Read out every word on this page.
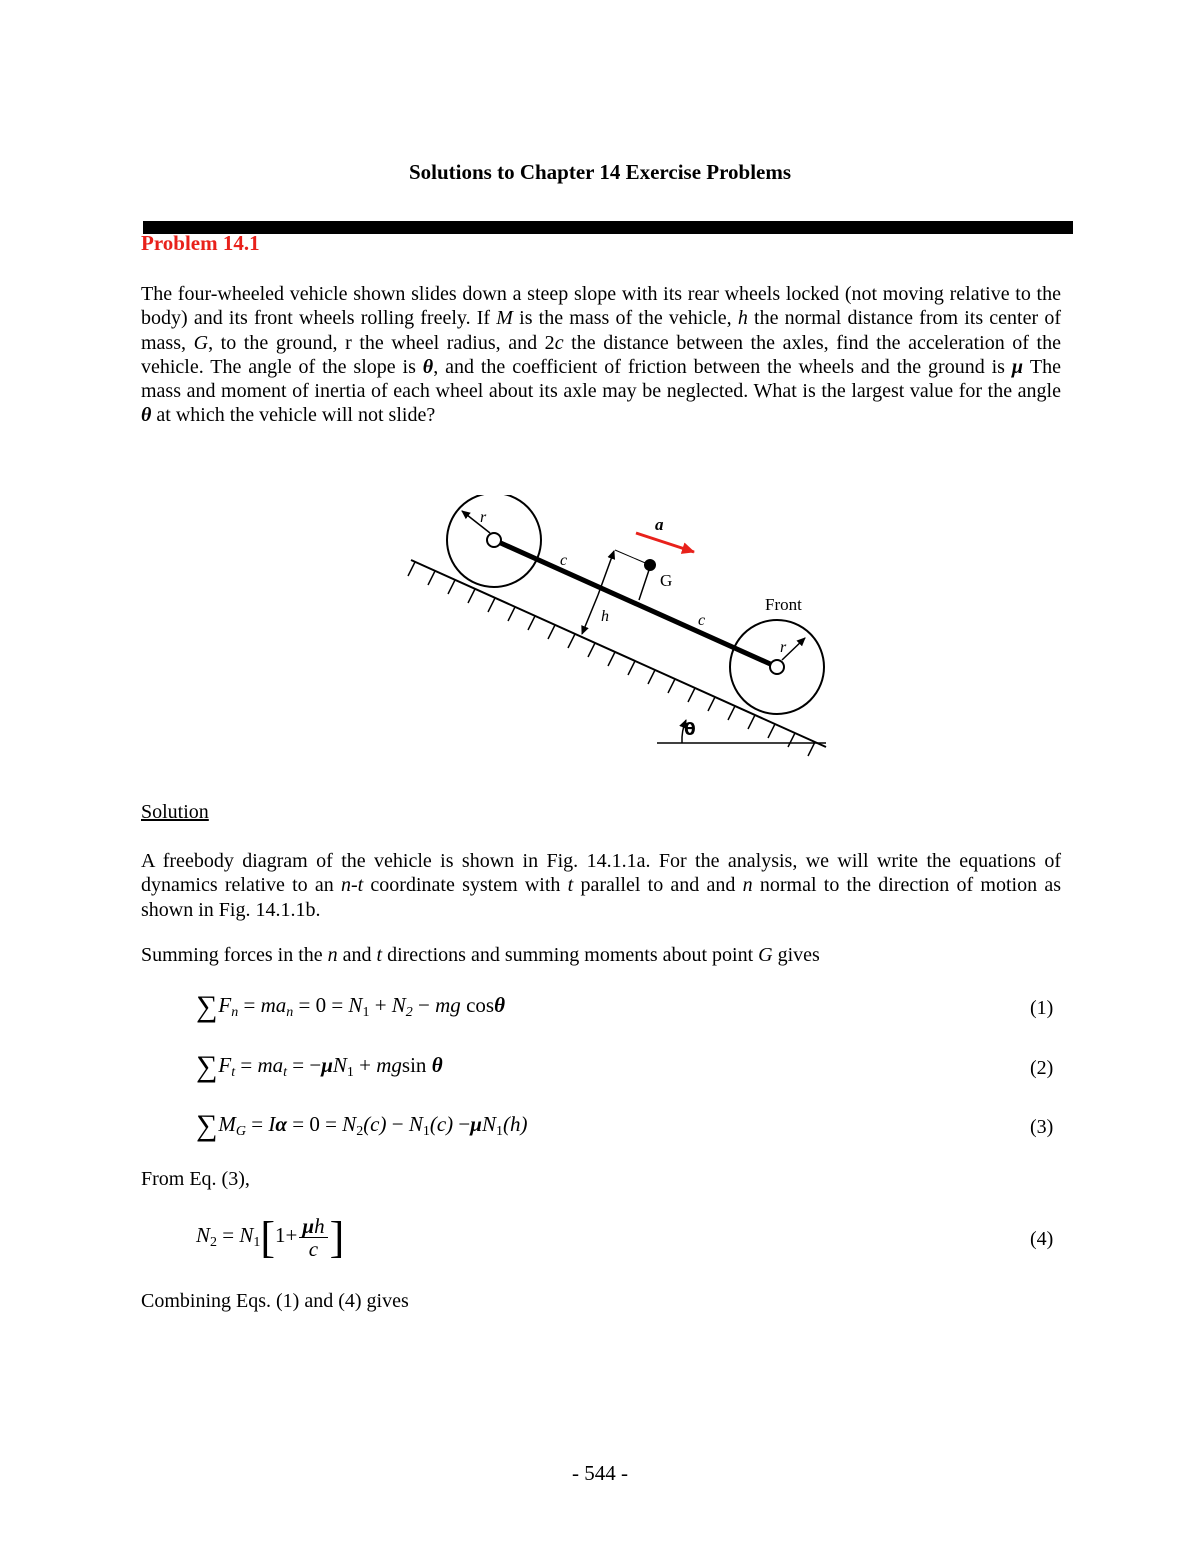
Solutions to Chapter 14 Exercise Problems
Problem 14.1
The four-wheeled vehicle shown slides down a steep slope with its rear wheels locked (not moving relative to the body) and its front wheels rolling freely. If M is the mass of the vehicle, h the normal distance from its center of mass, G, to the ground, r the wheel radius, and 2c the distance between the axles, find the acceleration of the vehicle. The angle of the slope is θ, and the coefficient of friction between the wheels and the ground is μ The mass and moment of inertia of each wheel about its axle may be neglected. What is the largest value for the angle θ at which the vehicle will not slide?
θ
r
r
c
c
G
h
a
Front
Solution
A freebody diagram of the vehicle is shown in Fig. 14.1.1a. For the analysis, we will write the equations of dynamics relative to an n-t coordinate system with t parallel to and and n normal to the direction of motion as shown in Fig. 14.1.1b.
Summing forces in the n and t directions and summing moments about point G gives
$\sum F_n = ma_n = 0 = N_1 + N_2$ − mg cosθ	(1)
$\sum F_t = ma_t = -\mu N_1 + mgsin$ θ	(2)
$\sum M_G = I\alpha = 0 = N_2(c) - N_1(c) -\mu N_1(h)$	(3)
From Eq. (3),
$N_2 = N_1[1+ \frac{\mu h}{c}$ ]	(4)
Combining Eqs. (1) and (4) gives
- 544 -
